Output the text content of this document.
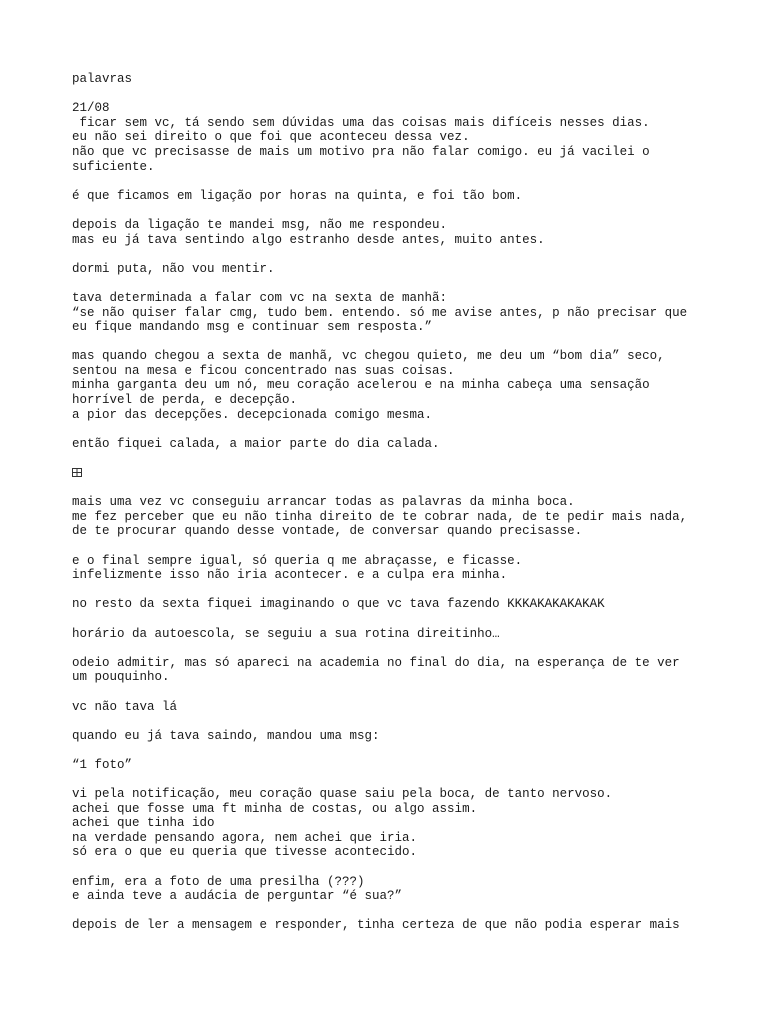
palavras
21/08
ficar sem vc, tá sendo sem dúvidas uma das coisas mais difíceis nesses dias.
eu não sei direito o que foi que aconteceu dessa vez.
não que vc precisasse de mais um motivo pra não falar comigo. eu já vacilei o
suficiente.
é que ficamos em ligação por horas na quinta, e foi tão bom.
depois da ligação te mandei msg, não me respondeu.
mas eu já tava sentindo algo estranho desde antes, muito antes.
dormi puta, não vou mentir.
tava determinada a falar com vc na sexta de manhã:
“se não quiser falar cmg, tudo bem. entendo. só me avise antes, p não precisar que
eu fique mandando msg e continuar sem resposta.”
mas quando chegou a sexta de manhã, vc chegou quieto, me deu um “bom dia” seco,
sentou na mesa e ficou concentrado nas suas coisas.
minha garganta deu um nó, meu coração acelerou e na minha cabeça uma sensação
horrível de perda, e decepção.
a pior das decepções. decepcionada comigo mesma.
então fiquei calada, a maior parte do dia calada.
mais uma vez vc conseguiu arrancar todas as palavras da minha boca.
me fez perceber que eu não tinha direito de te cobrar nada, de te pedir mais nada,
de te procurar quando desse vontade, de conversar quando precisasse.
e o final sempre igual, só queria q me abraçasse, e ficasse.
infelizmente isso não iria acontecer. e a culpa era minha.
no resto da sexta fiquei imaginando o que vc tava fazendo KKKAKAKAKAKAK
horário da autoescola, se seguiu a sua rotina direitinho…
odeio admitir, mas só apareci na academia no final do dia, na esperança de te ver
um pouquinho.
vc não tava lá
quando eu já tava saindo, mandou uma msg:
“1 foto”
vi pela notificação, meu coração quase saiu pela boca, de tanto nervoso.
achei que fosse uma ft minha de costas, ou algo assim.
achei que tinha ido
na verdade pensando agora, nem achei que iria.
só era o que eu queria que tivesse acontecido.
enfim, era a foto de uma presilha (???)
e ainda teve a audácia de perguntar “é sua?”
depois de ler a mensagem e responder, tinha certeza de que não podia esperar mais
